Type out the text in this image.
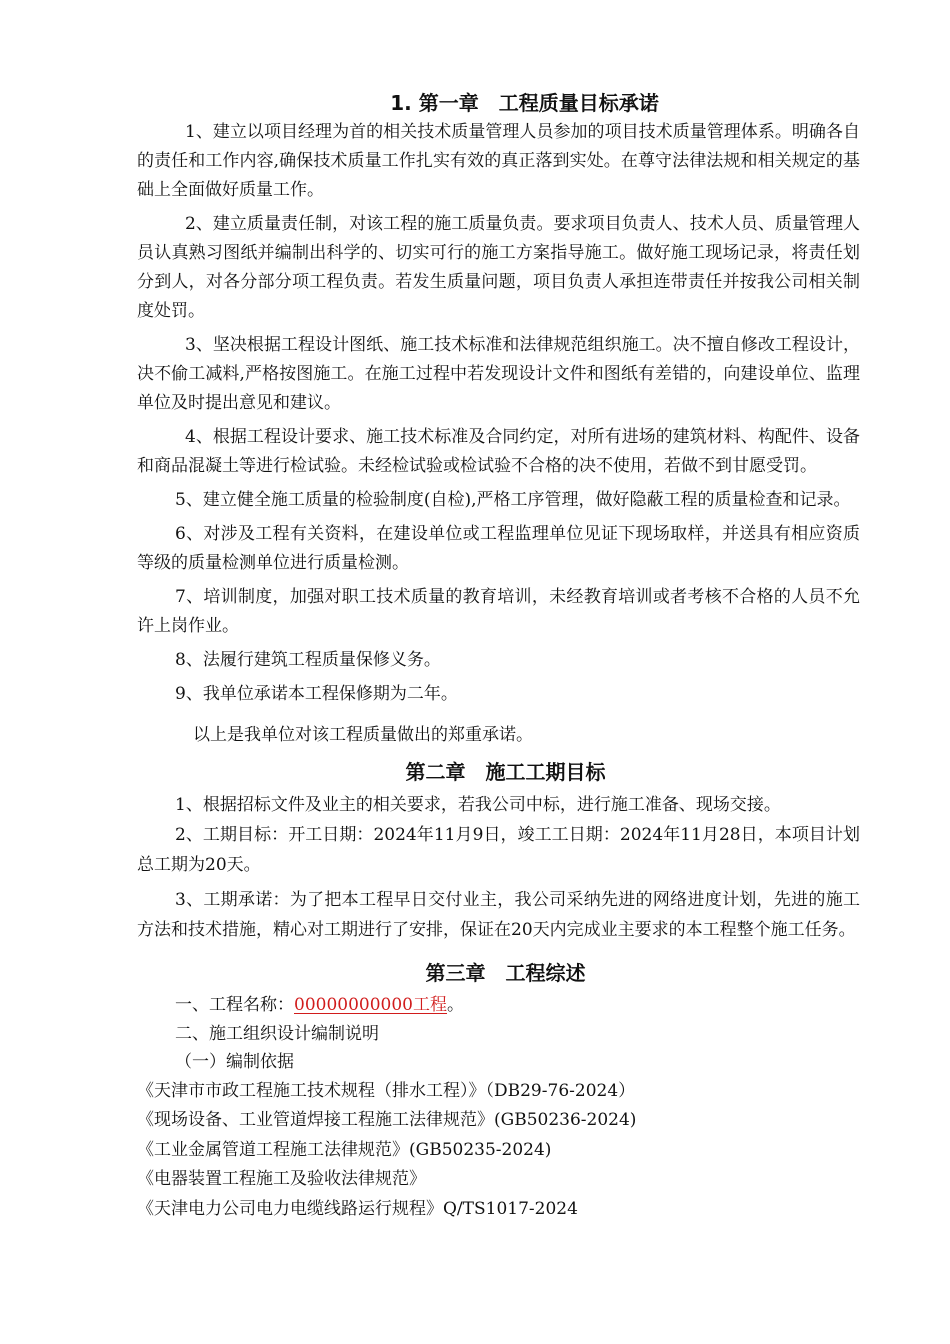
1. 第一章　工程质量目标承诺

1、建立以项目经理为首的相关技术质量管理人员参加的项目技术质量管理体系。明确各自的责任和工作内容,确保技术质量工作扎实有效的真正落到实处。在尊守法律法规和相关规定的基础上全面做好质量工作。

2、建立质量责任制，对该工程的施工质量负责。要求项目负责人、技术人员、质量管理人员认真熟习图纸并编制出科学的、切实可行的施工方案指导施工。做好施工现场记录，将责任划分到人，对各分部分项工程负责。若发生质量问题，项目负责人承担连带责任并按我公司相关制度处罚。

3、坚决根据工程设计图纸、施工技术标准和法律规范组织施工。决不擅自修改工程设计，决不偷工减料,严格按图施工。在施工过程中若发现设计文件和图纸有差错的，向建设单位、监理单位及时提出意见和建议。

4、根据工程设计要求、施工技术标准及合同约定，对所有进场的建筑材料、构配件、设备和商品混凝土等进行检试验。未经检试验或检试验不合格的决不使用，若做不到甘愿受罚。

5、建立健全施工质量的检验制度(自检),严格工序管理，做好隐蔽工程的质量检查和记录。

6、对涉及工程有关资料，在建设单位或工程监理单位见证下现场取样，并送具有相应资质等级的质量检测单位进行质量检测。

7、培训制度，加强对职工技术质量的教育培训，未经教育培训或者考核不合格的人员不允许上岗作业。

8、法履行建筑工程质量保修义务。

9、我单位承诺本工程保修期为二年。

以上是我单位对该工程质量做出的郑重承诺。

第二章　施工工期目标

1、根据招标文件及业主的相关要求，若我公司中标，进行施工准备、现场交接。

2、工期目标：开工日期：2024年11月9日，竣工工日期：2024年11月28日，本项目计划总工期为20天。

3、工期承诺：为了把本工程早日交付业主，我公司采纳先进的网络进度计划，先进的施工方法和技术措施，精心对工期进行了安排，保证在20天内完成业主要求的本工程整个施工任务。

第三章　工程综述

一、工程名称：00000000000工程。

二、施工组织设计编制说明

（一）编制依据

《天津市市政工程施工技术规程（排水工程）》（DB29-76-2024）

《现场设备、工业管道焊接工程施工法律规范》(GB50236-2024)

《工业金属管道工程施工法律规范》(GB50235-2024)

《电器装置工程施工及验收法律规范》

《天津电力公司电力电缆线路运行规程》Q/TS1017-2024
